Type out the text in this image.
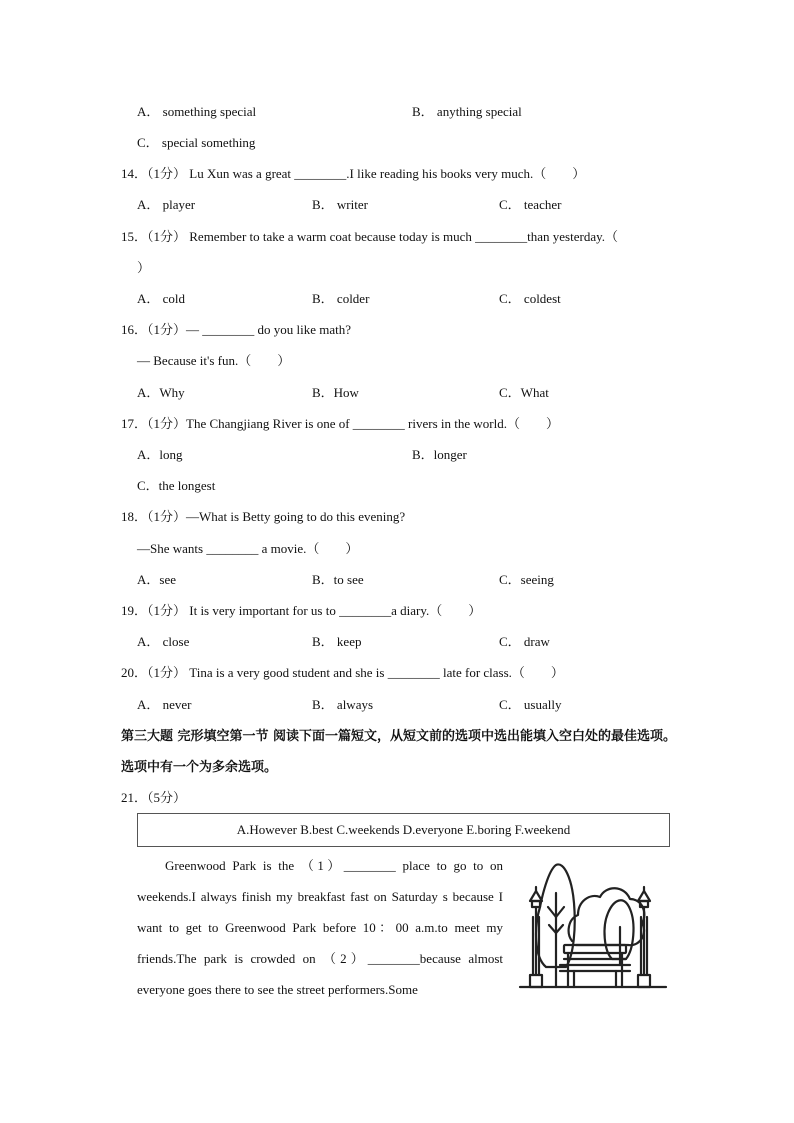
A． something special	B． anything special
C． special something
14．（1分） Lu Xun was a great ________.I like reading his books very much.（　　）
A． player	B． writer	C． teacher
15．（1分） Remember to take a warm coat because today is much ________than yesterday.（
）
A． cold	B． colder	C． coldest
16．（1分）— ________ do you like math?
— Because it's fun.（　　）
A．Why	B．How	C．What
17．（1分）The Changjiang River is one of ________ rivers in the world.（　　）
A．long	B．longer
C．the longest
18．（1分）—What is Betty going to do this evening?
—She wants ________ a movie.（　　）
A．see	B．to see	C．seeing
19．（1分） It is very important for us to ________a diary.（　　）
A． close	B． keep	C． draw
20．（1分） Tina is a very good student and she is ________ late for class.（　　）
A． never	B． always	C． usually
第三大题 完形填空第一节 阅读下面一篇短文，从短文前的选项中选出能填入空白处的最佳选项。选项中有一个为多余选项。
21．（5分）
A.However B.best C.weekends D.everyone E.boring F.weekend

Greenwood Park is the （1）________ place to go to on weekends.I always finish my breakfast fast on Saturday s because I want to get to Greenwood Park before 10：00 a.m.to meet my friends.The park is crowded on （2）________because almost everyone goes there to see the street performers.Some
